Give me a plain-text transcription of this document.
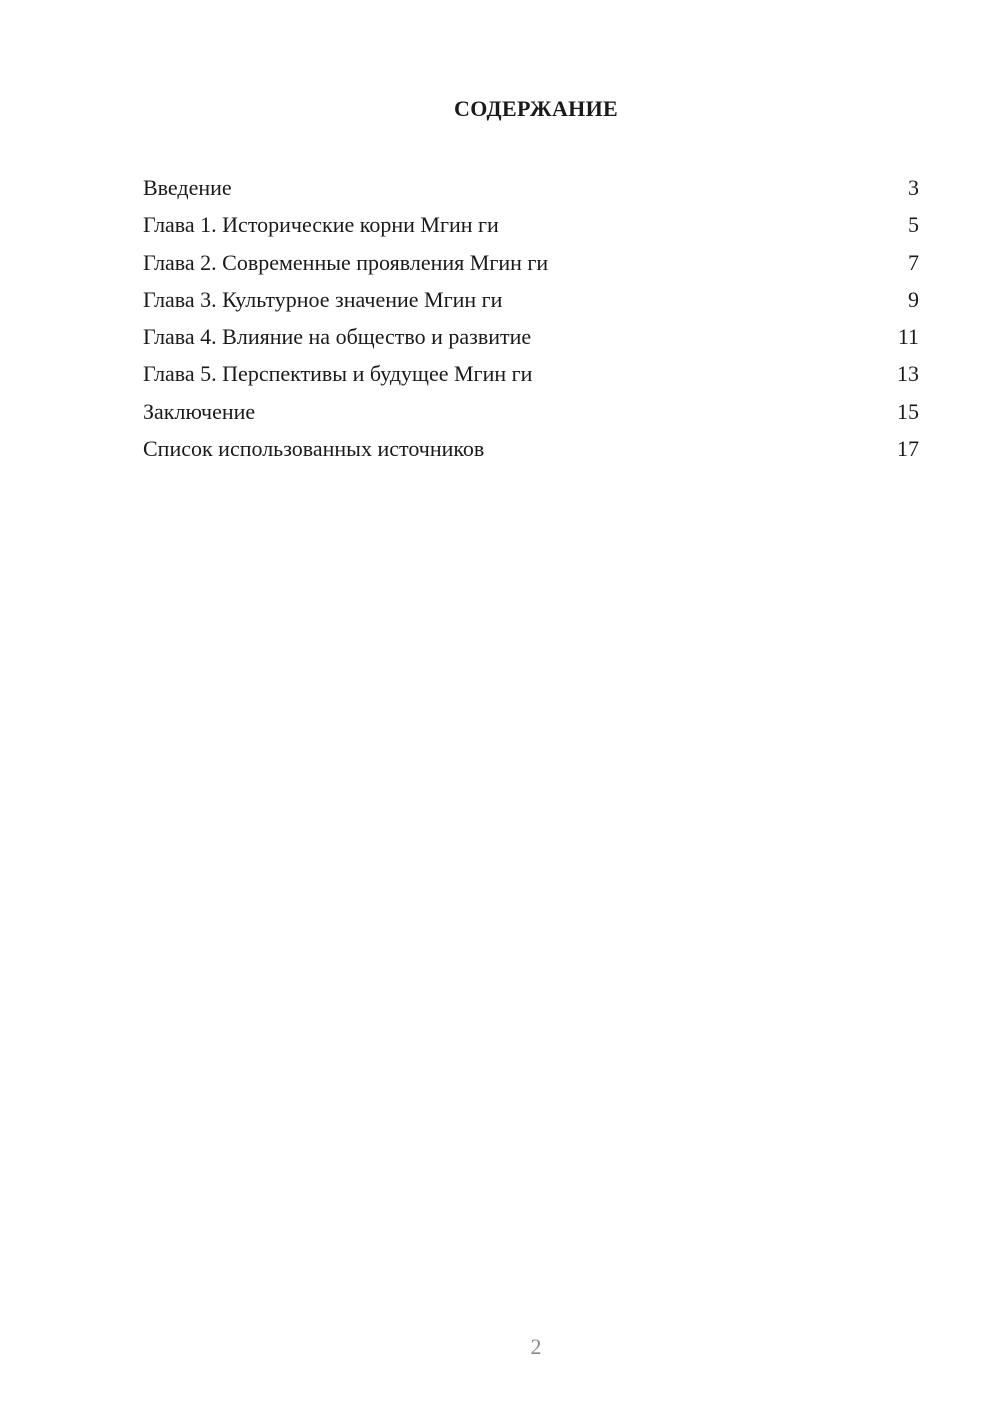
СОДЕРЖАНИЕ
Введение	3
Глава 1. Исторические корни Мгин ги	5
Глава 2. Современные проявления Мгин ги	7
Глава 3. Культурное значение Мгин ги	9
Глава 4. Влияние на общество и развитие	11
Глава 5. Перспективы и будущее Мгин ги	13
Заключение	15
Список использованных источников	17
2
